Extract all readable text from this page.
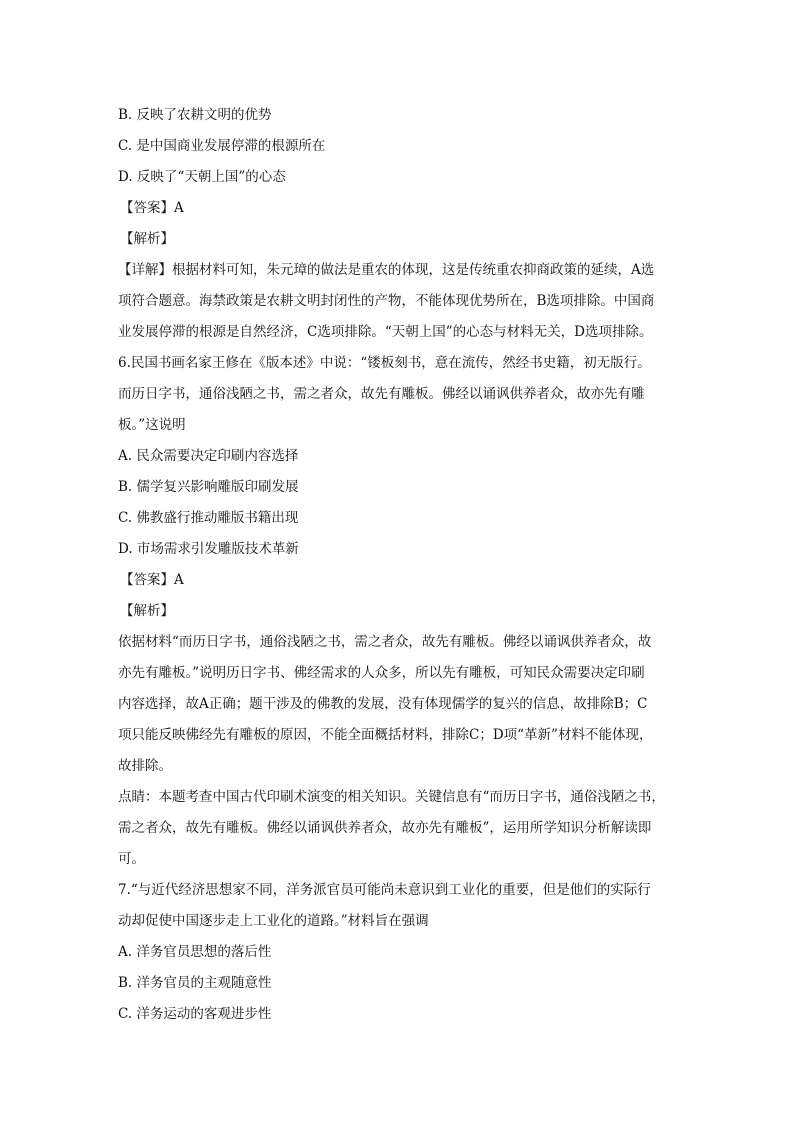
B. 反映了农耕文明的优势
C. 是中国商业发展停滞的根源所在
D. 反映了“天朝上国”的心态
【答案】A
【解析】
【详解】根据材料可知，朱元璋的做法是重农的体现，这是传统重农抑商政策的延续，A选
项符合题意。海禁政策是农耕文明封闭性的产物，不能体现优势所在，B选项排除。中国商
业发展停滞的根源是自然经济，C选项排除。“天朝上国”的心态与材料无关，D选项排除。
6.民国书画名家王修在《版本述》中说：“镂板刻书，意在流传，然经书史籍，初无版行。
而历日字书，通俗浅陋之书，需之者众，故先有雕板。佛经以诵讽供养者众，故亦先有雕
板。”这说明
A. 民众需要决定印刷内容选择
B. 儒学复兴影响雕版印刷发展
C. 佛教盛行推动雕版书籍出现
D. 市场需求引发雕版技术革新
【答案】A
【解析】
依据材料“而历日字书，通俗浅陋之书，需之者众，故先有雕板。佛经以诵讽供养者众，故
亦先有雕板。”说明历日字书、佛经需求的人众多，所以先有雕板，可知民众需要决定印刷
内容选择，故A正确；题干涉及的佛教的发展，没有体现儒学的复兴的信息，故排除B；C
项只能反映佛经先有雕板的原因，不能全面概括材料，排除C；D项“革新”材料不能体现，
故排除。
点睛：本题考查中国古代印刷术演变的相关知识。关键信息有“而历日字书，通俗浅陋之书，
需之者众，故先有雕板。佛经以诵讽供养者众，故亦先有雕板”，运用所学知识分析解读即
可。
7.“与近代经济思想家不同，洋务派官员可能尚未意识到工业化的重要，但是他们的实际行
动却促使中国逐步走上工业化的道路。”材料旨在强调
A. 洋务官员思想的落后性
B. 洋务官员的主观随意性
C. 洋务运动的客观进步性
